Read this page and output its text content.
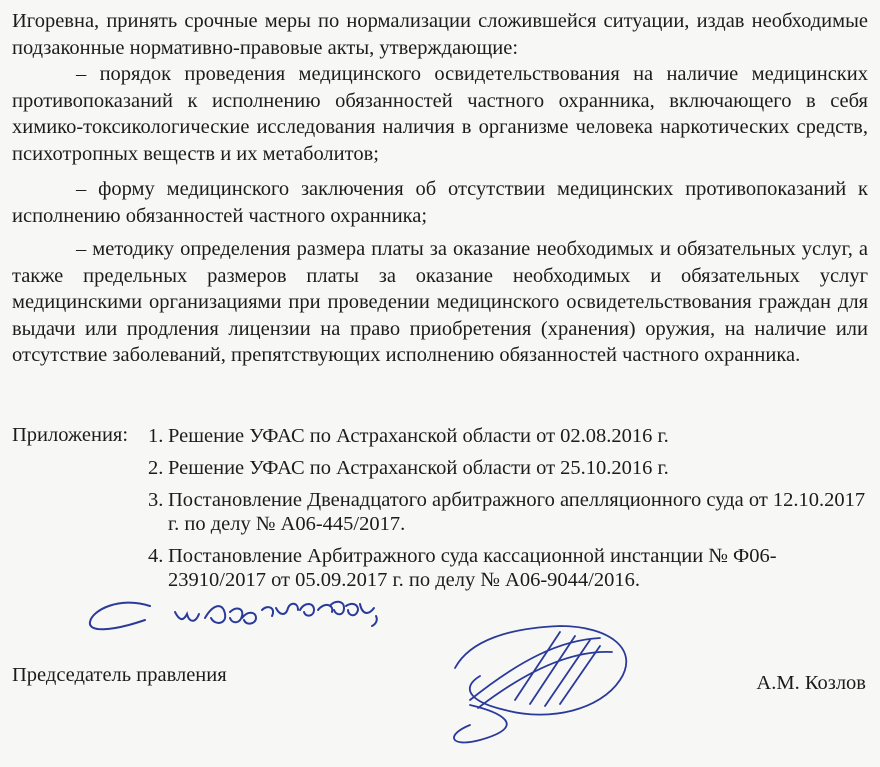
Игоревна, принять срочные меры по нормализации сложившейся ситуации, издав необходимые подзаконные нормативно-правовые акты, утверждающие:

– порядок проведения медицинского освидетельствования на наличие медицинских противопоказаний к исполнению обязанностей частного охранника, включающего в себя химико-токсикологические исследования наличия в организме человека наркотических средств, психотропных веществ и их метаболитов;

– форму медицинского заключения об отсутствии медицинских противопоказаний к исполнению обязанностей частного охранника;

– методику определения размера платы за оказание необходимых и обязательных услуг, а также предельных размеров платы за оказание необходимых и обязательных услуг медицинскими организациями при проведении медицинского освидетельствования граждан для выдачи или продления лицензии на право приобретения (хранения) оружия, на наличие или отсутствие заболеваний, препятствующих исполнению обязанностей частного охранника.

Приложения: 1. Решение УФАС по Астраханской области от 02.08.2016 г.
2. Решение УФАС по Астраханской области от 25.10.2016 г.
3. Постановление Двенадцатого арбитражного апелляционного суда от 12.10.2017 г. по делу № А06-445/2017.
4. Постановление Арбитражного суда кассационной инстанции № Ф06-23910/2017 от 05.09.2017 г. по делу № А06-9044/2016.
Председатель правления	А.М. Козлов
